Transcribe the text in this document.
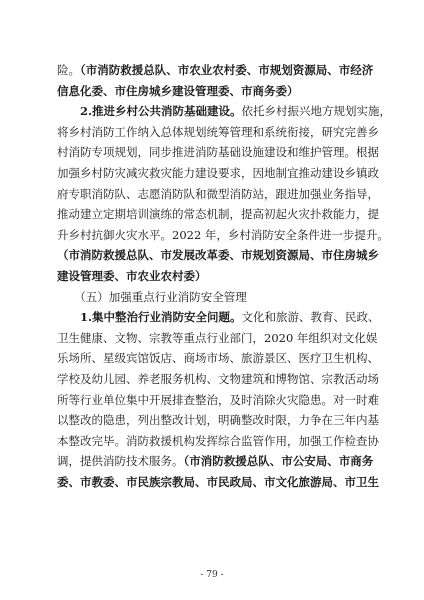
险。（市消防救援总队、市农业农村委、市规划资源局、市经济
信息化委、市住房城乡建设管理委、市商务委）
　　2.推进乡村公共消防基础建设。依托乡村振兴地方规划实施，
将乡村消防工作纳入总体规划统筹管理和系统衔接，研究完善乡
村消防专项规划，同步推进消防基础设施建设和维护管理。根据
加强乡村防灾减灾救灾能力建设要求，因地制宜推动建设乡镇政
府专职消防队、志愿消防队和微型消防站，跟进加强业务指导，
推动建立定期培训演练的常态机制，提高初起火灾扑救能力，提
升乡村抗御火灾水平。2022 年，乡村消防安全条件进一步提升。
（市消防救援总队、市发展改革委、市规划资源局、市住房城乡
建设管理委、市农业农村委）
　　（五）加强重点行业消防安全管理
　　1.集中整治行业消防安全问题。文化和旅游、教育、民政、
卫生健康、文物、宗教等重点行业部门，2020 年组织对文化娱
乐场所、星级宾馆饭店、商场市场、旅游景区、医疗卫生机构、
学校及幼儿园、养老服务机构、文物建筑和博物馆、宗教活动场
所等行业单位集中开展排查整治，及时消除火灾隐患。对一时难
以整改的隐患，列出整改计划，明确整改时限，力争在三年内基
本整改完毕。消防救援机构发挥综合监管作用，加强工作检查协
调，提供消防技术服务。（市消防救援总队、市公安局、市商务
委、市教委、市民族宗教局、市民政局、市文化旅游局、市卫生
- 79 -
